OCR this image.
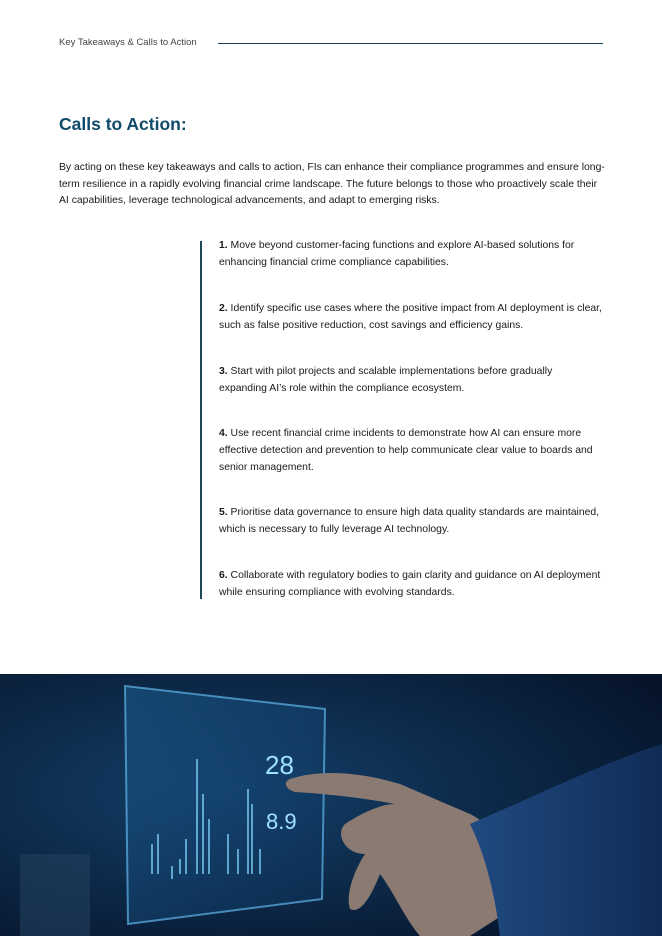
Key Takeaways & Calls to Action
Calls to Action:

By acting on these key takeaways and calls to action, FIs can enhance their compliance programmes and ensure long-term resilience in a rapidly evolving financial crime landscape. The future belongs to those who proactively scale their AI capabilities, leverage technological advancements, and adapt to emerging risks.

1. Move beyond customer-facing functions and explore AI-based solutions for enhancing financial crime compliance capabilities.

2. Identify specific use cases where the positive impact from AI deployment is clear, such as false positive reduction, cost savings and efficiency gains.

3. Start with pilot projects and scalable implementations before gradually expanding AI’s role within the compliance ecosystem.

4. Use recent financial crime incidents to demonstrate how AI can ensure more effective detection and prevention to help communicate clear value to boards and senior management.

5. Prioritise data governance to ensure high data quality standards are maintained, which is necessary to fully leverage AI technology.

6. Collaborate with regulatory bodies to gain clarity and guidance on AI deployment while ensuring compliance with evolving standards.

28
8.9
